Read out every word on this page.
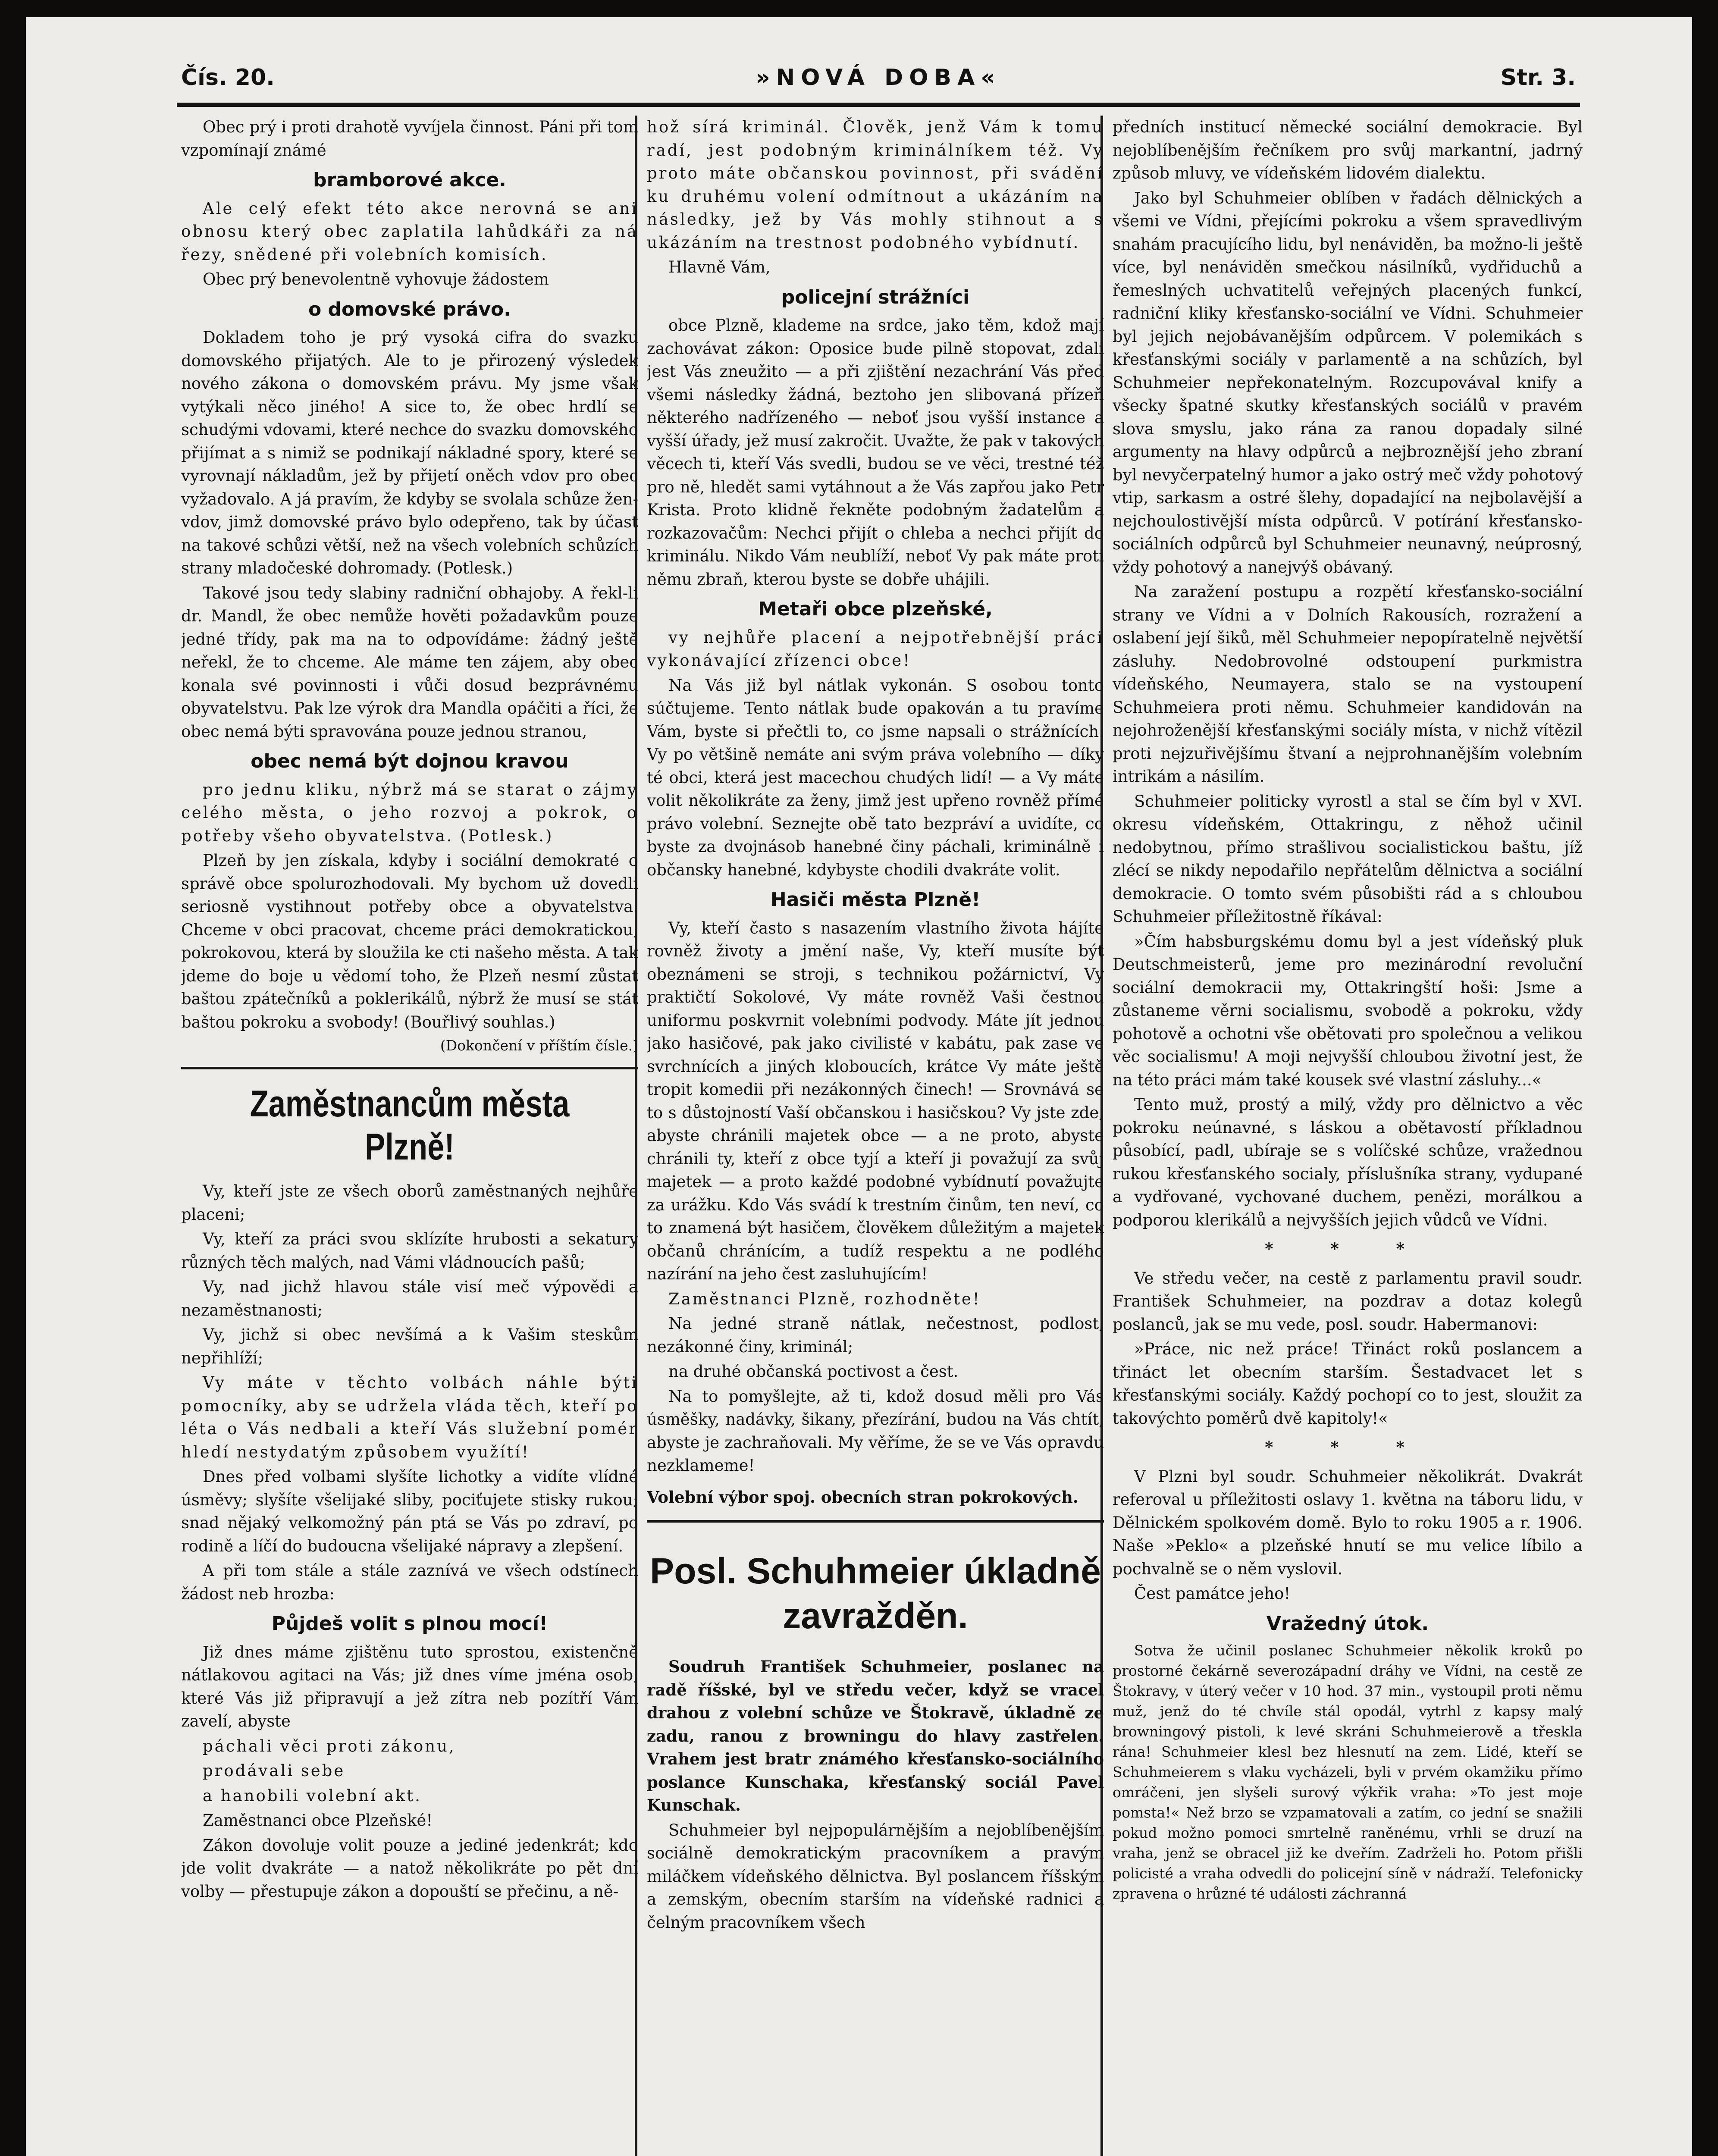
Čís. 20.	»NOVÁ DOBA«	Str. 3.

Obec prý i proti drahotě vyvíjela činnost. Páni při tom vzpomínají známé

bramborové akce.

Ale celý efekt této akce nerovná se ani obnosu který obec zaplatila lahůdkáři za ná řezy, snědené při volebních komisích.

Obec prý benevolentně vyhovuje žádostem

o domovské právo.

Dokladem toho je prý vysoká cifra do svazku domovského přijatých. Ale to je přirozený výsledek nového zákona o domovském právu. My jsme však vytýkali něco jiného! A sice to, že obec hrdlí se schudými vdovami, které nechce do svazku domovského přijímat a s nimiž se podnikají nákladné spory, které se vyrovnají nákladům, jež by přijetí oněch vdov pro obec vyžadovalo. A já pravím, že kdyby se svolala schůze žen-vdov, jimž domovské právo bylo odepřeno, tak by účast na takové schůzi větší, než na všech volebních schůzích strany mladočeské dohromady. (Potlesk.)

Takové jsou tedy slabiny radniční obhajoby. A řekl-li dr. Mandl, že obec nemůže hověti požadavkům pouze jedné třídy, pak ma na to odpovídáme: žádný ještě neřekl, že to chceme. Ale máme ten zájem, aby obec konala své povinnosti i vůči dosud bezprávnému obyvatelstvu. Pak lze výrok dra Mandla opáčiti a říci, že obec nemá býti spravována pouze jednou stranou,

obec nemá být dojnou kravou

pro jednu kliku, nýbrž má se starat o zájmy celého města, o jeho rozvoj a pokrok, o potřeby všeho obyvatelstva. (Potlesk.)

Plzeň by jen získala, kdyby i sociální demokraté o správě obce spolurozhodovali. My bychom už dovedli seriosně vystihnout potřeby obce a obyvatelstva. Chceme v obci pracovat, chceme práci demokratickou, pokrokovou, která by sloužila ke cti našeho města. A tak jdeme do boje u vědomí toho, že Plzeň nesmí zůstat baštou zpátečníků a poklerikálů, nýbrž že musí se stát baštou pokroku a svobody! (Bouřlivý souhlas.)

(Dokončení v příštím čísle.)
Zaměstnancům města Plzně!

Vy, kteří jste ze všech oborů zaměstnaných nejhůře placeni;

Vy, kteří za práci svou sklízíte hrubosti a sekatury různých těch malých, nad Vámi vládnoucích pašů;

Vy, nad jichž hlavou stále visí meč výpovědi a nezaměstnanosti;

Vy, jichž si obec nevšímá a k Vašim steskům nepřihlíží;

Vy máte v těchto volbách náhle býti pomocníky, aby se udržela vláda těch, kteří po léta o Vás nedbali a kteří Vás služební pomér hledí nestydatým způsobem využítí!

Dnes před volbami slyšíte lichotky a vidíte vlídné úsměvy; slyšíte všelijaké sliby, pociťujete stisky rukou; snad nějaký velkomožný pán ptá se Vás po zdraví, po rodině a líčí do budoucna všelijaké nápravy a zlepšení.

A při tom stále a stále zaznívá ve všech odstínech žádost neb hrozba:

Půjdeš volit s plnou mocí!

Již dnes máme zjištěnu tuto sprostou, existenčně nátlakovou agitaci na Vás; již dnes víme jména osob, které Vás již připravují a jež zítra neb pozítří Vám zavelí, abyste

páchali věci proti zákonu,

prodávali sebe

a hanobili volební akt.

Zaměstnanci obce Plzeňské!

Zákon dovoluje volit pouze a jediné jedenkrát; kdo jde volit dvakráte — a natož několikráte po pět dní volby — přestupuje zákon a dopouští se přečinu, a ně-

hož sírá kriminál. Člověk, jenž Vám k tomu radí, jest podobným kriminálníkem též. Vy proto máte občanskou povinnost, při svádění ku druhému volení odmítnout a ukázáním na následky, jež by Vás mohly stihnout a s ukázáním na trestnost podobného vybídnutí.

Hlavně Vám,

policejní strážníci

obce Plzně, klademe na srdce, jako těm, kdož mají zachovávat zákon: Oposice bude pilně stopovat, zdali jest Vás zneužito — a při zjištění nezachrání Vás před všemi následky žádná, beztoho jen slibovaná přízeň některého nadřízeného — neboť jsou vyšší instance a vyšší úřady, jež musí zakročit. Uvažte, že pak v takových věcech ti, kteří Vás svedli, budou se ve věci, trestné též pro ně, hledět sami vytáhnout a že Vás zapřou jako Petr Krista. Proto klidně řekněte podobným žadatelům a rozkazovačům: Nechci přijít o chleba a nechci přijít do kriminálu. Nikdo Vám neublíží, neboť Vy pak máte proti němu zbraň, kterou byste se dobře uhájili.

Metaři obce plzeňské,

vy nejhůře placení a nejpotřebnější práci vykonávající zřízenci obce!

Na Vás již byl nátlak vykonán. S osobou tonto súčtujeme. Tento nátlak bude opakován a tu pravíme Vám, byste si přečtli to, co jsme napsali o strážnících. Vy po většině nemáte ani svým práva volebního — díky té obci, která jest macechou chudých lidí! — a Vy máte volit několikráte za ženy, jimž jest upřeno rovněž přímé právo volební. Seznejte obě tato bezpráví a uvidíte, co byste za dvojnásob hanebné činy páchali, kriminálně i občansky hanebné, kdybyste chodili dvakráte volit.

Hasiči města Plzně!

Vy, kteří často s nasazením vlastního života hájíte rovněž životy a jmění naše, Vy, kteří musíte být obeznámeni se stroji, s technikou požárnictví, Vy praktičtí Sokolové, Vy máte rovněž Vaši čestnou uniformu poskvrnit volebními podvody. Máte jít jednou jako hasičové, pak jako civilisté v kabátu, pak zase ve svrchnících a jiných kloboucích, krátce Vy máte ještě tropit komedii při nezákonných činech! — Srovnává se to s důstojností Vaší občanskou i hasičskou? Vy jste zde, abyste chránili majetek obce — a ne proto, abyste chránili ty, kteří z obce tyjí a kteří ji považují za svůj majetek — a proto každé podobné vybídnutí považujte za urážku. Kdo Vás svádí k trestním činům, ten neví, co to znamená být hasičem, člověkem důležitým a majetek občanů chránícím, a tudíž respektu a ne podlého nazírání na jeho čest zasluhujícím!

Zaměstnanci Plzně, rozhodněte!

Na jedné straně nátlak, nečestnost, podlost, nezákonné činy, kriminál;

na druhé občanská poctivost a čest.

Na to pomyšlejte, až ti, kdož dosud měli pro Vás úsměšky, nadávky, šikany, přezírání, budou na Vás chtít, abyste je zachraňovali. My věříme, že se ve Vás opravdu nezklameme!

Volební výbor spoj. obecních stran pokrokových.
Posl. Schuhmeier úkladně zavražděn.

Soudruh František Schuhmeier, poslanec na radě říšské, byl ve středu večer, když se vracel drahou z volební schůze ve Štokravě, úkladně ze zadu, ranou z browningu do hlavy zastřelen. Vrahem jest bratr známého křesťansko-sociálního poslance Kunschaka, křesťanský sociál Pavel Kunschak.

Schuhmeier byl nejpopulárnějším a nejoblíbenějším sociálně demokratickým pracovníkem a pravým miláčkem vídeňského dělnictva. Byl poslancem říšským a zemským, obecním starším na vídeňské radnici a čelným pracovníkem všech

předních institucí německé sociální demokracie. Byl nejoblíbenějším řečníkem pro svůj markantní, jadrný způsob mluvy, ve vídeňském lidovém dialektu.

Jako byl Schuhmeier oblíben v řadách dělnických a všemi ve Vídni, přejícími pokroku a všem spravedlivým snahám pracujícího lidu, byl nenáviděn, ba možno-li ještě více, byl nenáviděn smečkou násilníků, vydřiduchů a řemeslných uchvatitelů veřejných placených funkcí, radniční kliky křesťansko-sociální ve Vídni. Schuhmeier byl jejich nejobávanějším odpůrcem. V polemikách s křesťanskými sociály v parlamentě a na schůzích, byl Schuhmeier nepřekonatelným. Rozcupovával knify a všecky špatné skutky křesťanských sociálů v pravém slova smyslu, jako rána za ranou dopadaly silné argumenty na hlavy odpůrců a nejbroznější jeho zbraní byl nevyčerpatelný humor a jako ostrý meč vždy pohotový vtip, sarkasm a ostré šlehy, dopadající na nejbolavější a nejchoulostivější místa odpůrců. V potírání křesťansko-sociálních odpůrců byl Schuhmeier neunavný, neúprosný, vždy pohotový a nanejvýš obávaný.

Na zaražení postupu a rozpětí křesťansko-sociální strany ve Vídni a v Dolních Rakousích, rozražení a oslabení její šiků, měl Schuhmeier nepopíratelně největší zásluhy. Nedobrovolné odstoupení purkmistra vídeňského, Neumayera, stalo se na vystoupení Schuhmeiera proti němu. Schuhmeier kandidován na nejohroženější křesťanskými sociály místa, v nichž vítězil proti nejzuřivějšímu štvaní a nejprohnanějším volebním intrikám a násilím.

Schuhmeier politicky vyrostl a stal se čím byl v XVI. okresu vídeňském, Ottakringu, z něhož učinil nedobytnou, přímo strašlivou socialistickou baštu, jíž zlécí se nikdy nepodařilo nepřátelům dělnictva a sociální demokracie. O tomto svém působišti rád a s chloubou Schuhmeier příležitostně říkával:

»Čím habsburgskému domu byl a jest vídeňský pluk Deutschmeisterů, jeme pro mezinárodní revoluční sociální demokracii my, Ottakringští hoši: Jsme a zůstaneme věrni socialismu, svobodě a pokroku, vždy pohotově a ochotni vše obětovati pro společnou a velikou věc socialismu! A moji nejvyšší chloubou životní jest, že na této práci mám také kousek své vlastní zásluhy...«

Tento muž, prostý a milý, vždy pro dělnictvo a věc pokroku neúnavné, s láskou a obětavostí příkladnou působící, padl, ubíraje se s volíčské schůze, vražednou rukou křesťanského socialy, příslušníka strany, vydupané a vydřované, vychované duchem, penězi, morálkou a podporou klerikálů a nejvyšších jejich vůdců ve Vídni.

* * *

Ve středu večer, na cestě z parlamentu pravil soudr. František Schuhmeier, na pozdrav a dotaz kolegů poslanců, jak se mu vede, posl. soudr. Habermanovi:

»Práce, nic než práce! Třináct roků poslancem a třináct let obecním starším. Šestadvacet let s křesťanskými sociály. Každý pochopí co to jest, sloužit za takovýchto poměrů dvě kapitoly!«

* * *

V Plzni byl soudr. Schuhmeier několikrát. Dvakrát referoval u příležitosti oslavy 1. května na táboru lidu, v Dělnickém spolkovém domě. Bylo to roku 1905 a r. 1906. Naše »Peklo« a plzeňské hnutí se mu velice líbilo a pochvalně se o něm vyslovil.

Čest památce jeho!

Vražedný útok.

Sotva že učinil poslanec Schuhmeier několik kroků po prostorné čekárně severozápadní dráhy ve Vídni, na cestě ze Štokravy, v úterý večer v 10 hod. 37 min., vystoupil proti němu muž, jenž do té chvíle stál opodál, vytrhl z kapsy malý browningový pistoli, k levé skráni Schuhmeierově a třeskla rána! Schuhmeier klesl bez hlesnutí na zem. Lidé, kteří se Schuhmeierem s vlaku vycházeli, byli v prvém okamžiku přímo omráčeni, jen slyšeli surový výkřik vraha: »To jest moje pomsta!« Než brzo se vzpamatovali a zatím, co jední se snažili pokud možno pomoci smrtelně raněnému, vrhli se druzí na vraha, jenž se obracel již ke dveřím. Zadrželi ho. Potom přišli policisté a vraha odvedli do policejní síně v nádraží. Telefonicky zpravena o hrůzné té události záchranná
